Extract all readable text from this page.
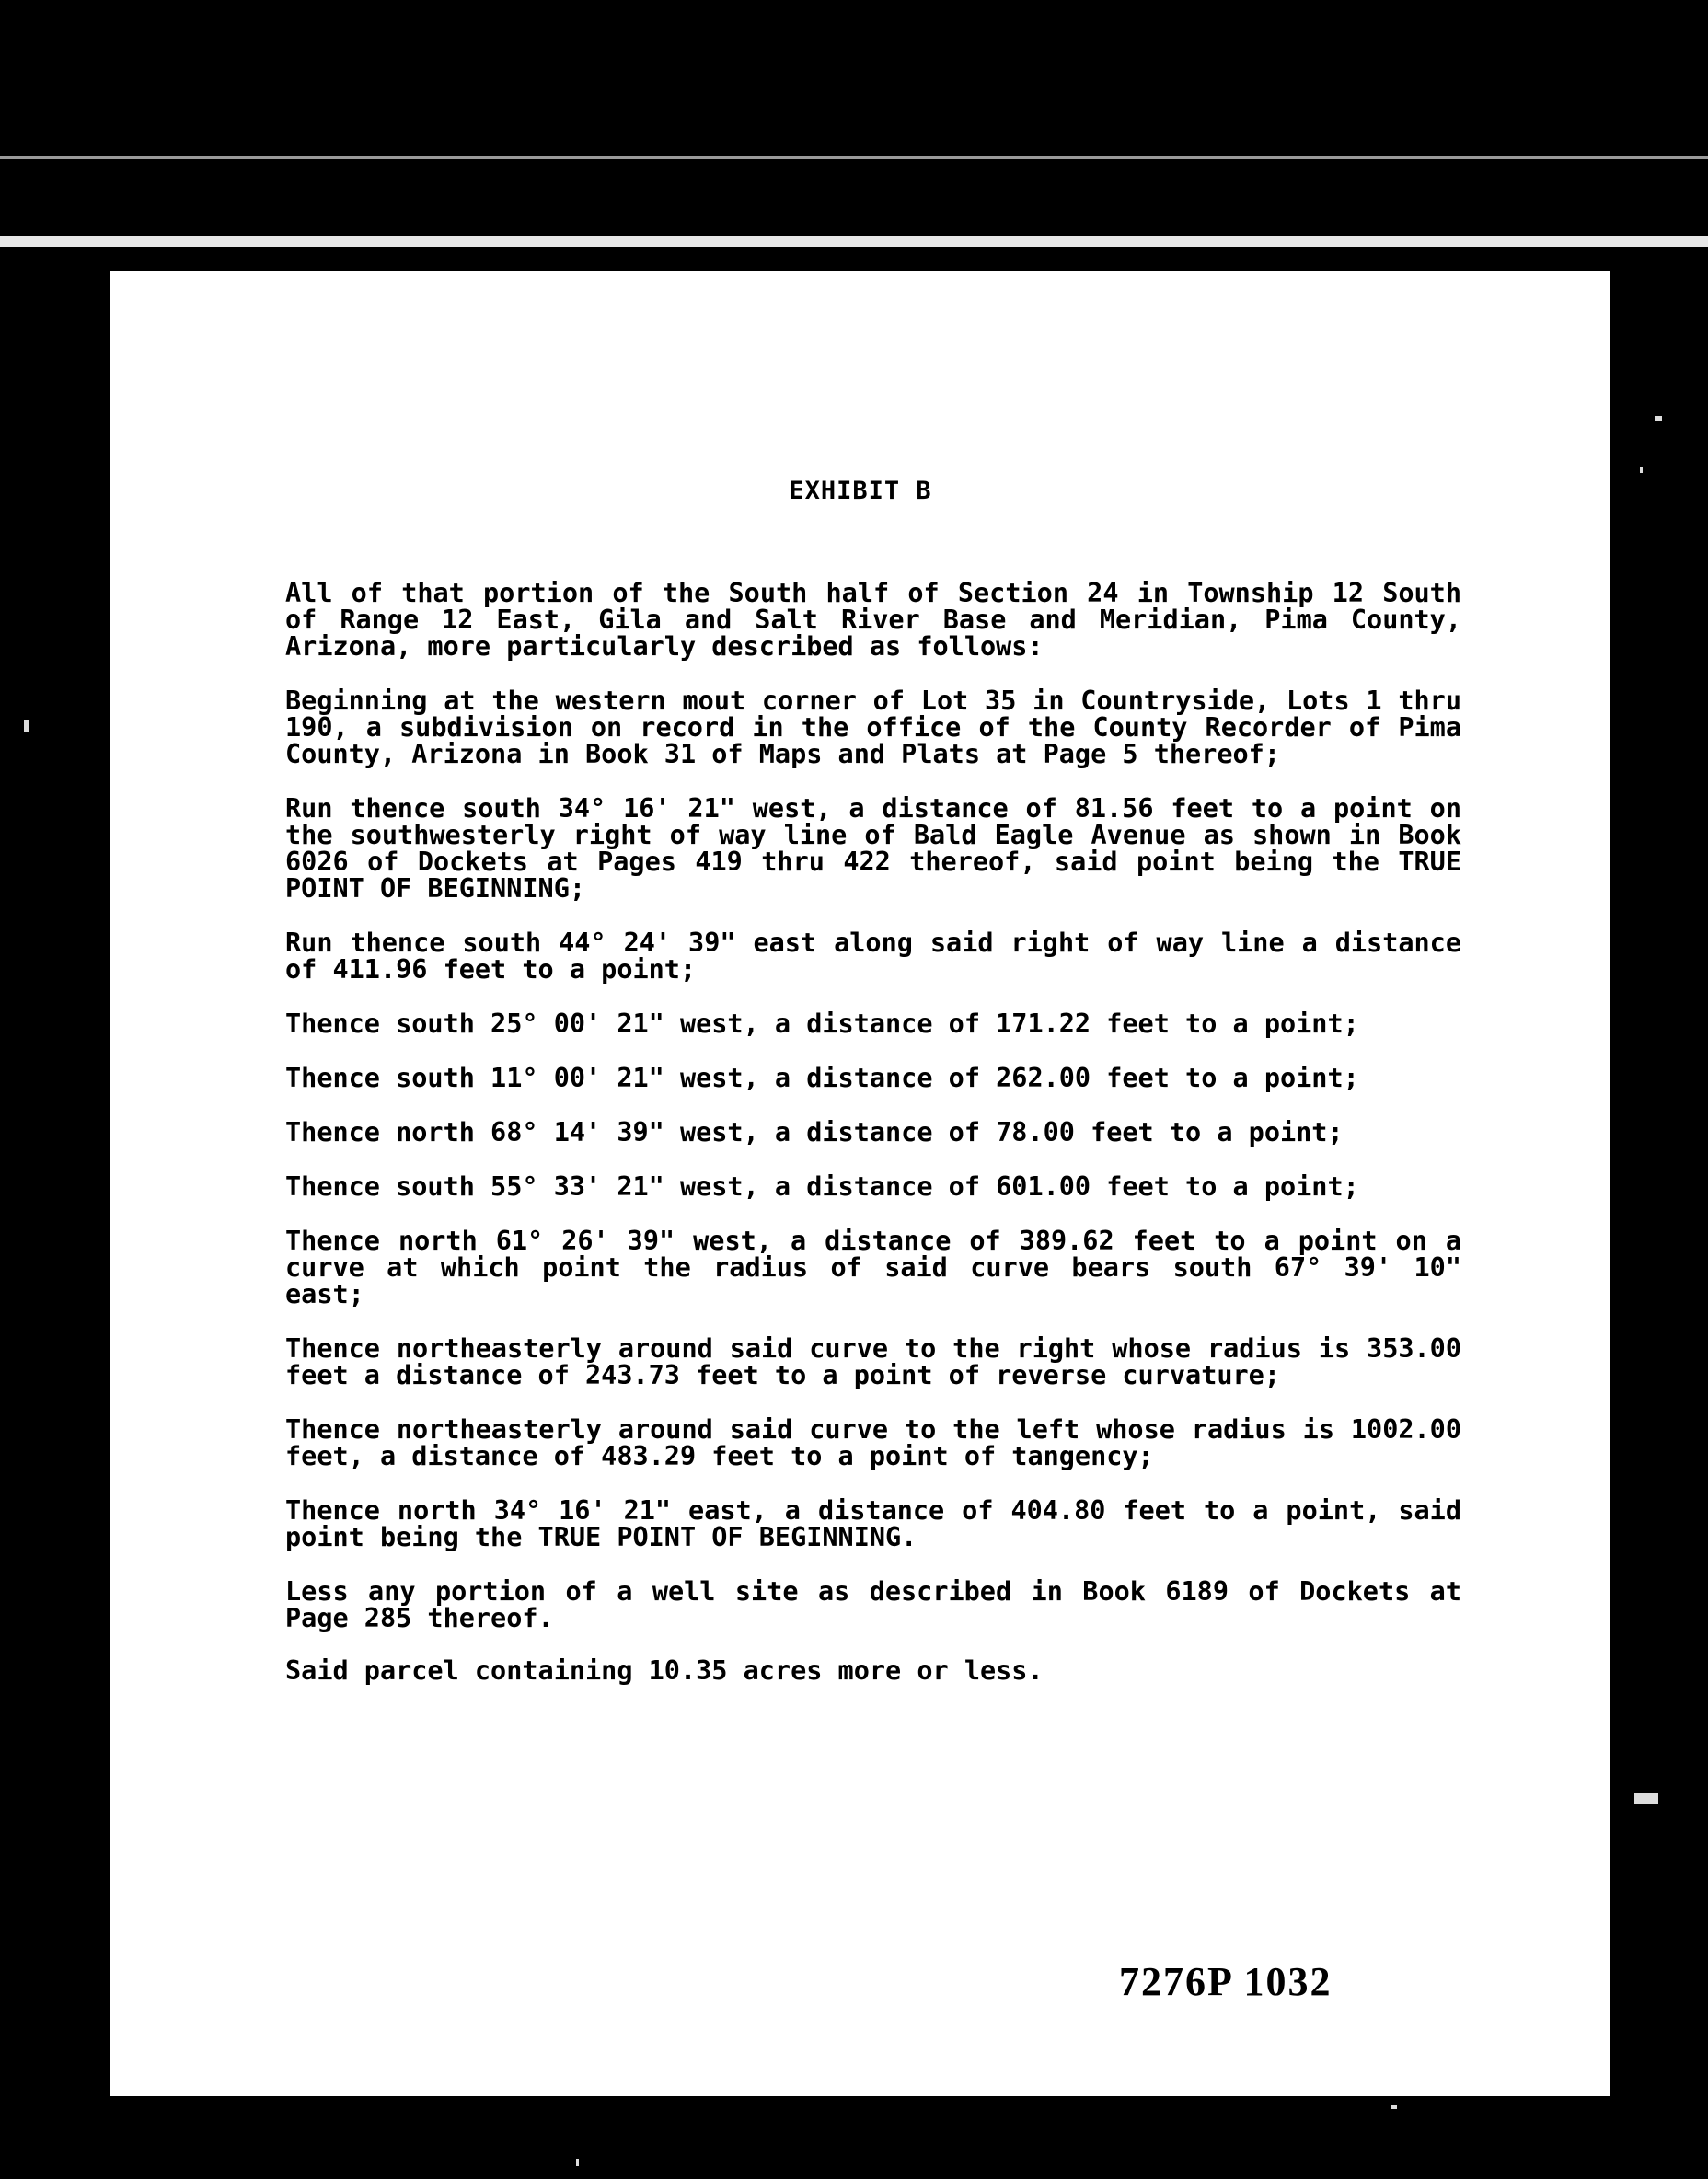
EXHIBIT B

All of that portion of the South half of Section 24 in Township 12 South of Range 12 East, Gila and Salt River Base and Meridian, Pima County, Arizona, more particularly described as follows:

Beginning at the western mout corner of Lot 35 in Countryside, Lots 1 thru 190, a subdivision on record in the office of the County Recorder of Pima County, Arizona in Book 31 of Maps and Plats at Page 5 thereof;

Run thence south 34° 16' 21" west, a distance of 81.56 feet to a point on the southwesterly right of way line of Bald Eagle Avenue as shown in Book 6026 of Dockets at Pages 419 thru 422 thereof, said point being the TRUE POINT OF BEGINNING;

Run thence south 44° 24' 39" east along said right of way line a distance of 411.96 feet to a point;

Thence south 25° 00' 21" west, a distance of 171.22 feet to a point;

Thence south 11° 00' 21" west, a distance of 262.00 feet to a point;

Thence north 68° 14' 39" west, a distance of 78.00 feet to a point;

Thence south 55° 33' 21" west, a distance of 601.00 feet to a point;

Thence north 61° 26' 39" west, a distance of 389.62 feet to a point on a curve at which point the radius of said curve bears south 67° 39' 10" east;

Thence northeasterly around said curve to the right whose radius is 353.00 feet a distance of 243.73 feet to a point of reverse curvature;

Thence northeasterly around said curve to the left whose radius is 1002.00 feet, a distance of 483.29 feet to a point of tangency;

Thence north 34° 16' 21" east, a distance of 404.80 feet to a point, said point being the TRUE POINT OF BEGINNING.

Less any portion of a well site as described in Book 6189 of Dockets at Page 285 thereof.

Said parcel containing 10.35 acres more or less.

7276P 1032
